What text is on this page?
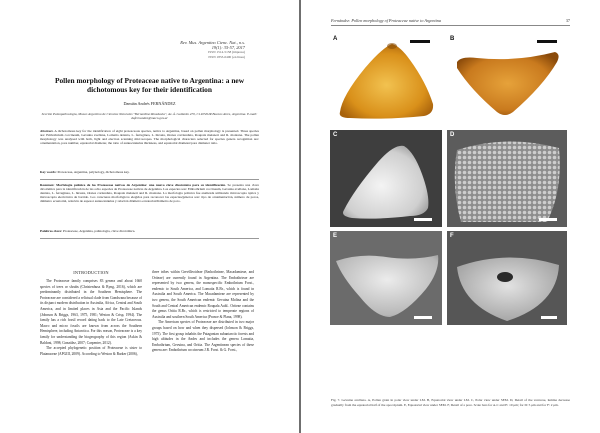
Rev. Mus. Argentino Cienc. Nat., n.s.
19(1): 35-57, 2017
ISSN 1514-5158 (impresa)
ISSN 1853-0400 (en línea)
Pollen morphology of Proteaceae native to Argentina: a new dichotomous key for their identification
Damián Andrés FERNÁNDEZ
Sección Paleopalinología, Museo Argentino de Ciencias Naturales "Bernardino Rivadavia", Av. Á. Gallardo 470, C1405DJR Buenos Aires, Argentina. E-mail: dafernandez@macn.gov.ar
Abstract. A dichotomous key for the identification of eight proteaceous species, native to Argentina, based on pollen morphology is presented. Three species are: Embothrium coccineum, Gevuina avellana, Lomatia dentata, L. ferruginea, L. hirsuta, Oreiea corrtunduta, Roupala meisneri and R. montana. The pollen morphology was analysed with both, light and electron scanning microscopes. The morphological characters selected for species genera recognition are: ornamentation, pore number, equatorial diameter, the ratio of aunus/annulus thickness, and equatorial diameter/pore diameter ratio.
Key words: Proteaceae, Argentina, palynology, dichotomous key.
Resumen: Morfología polínica de las Proteaceae nativas de Argentina: una nueva clave dicotómica para su identificación. Se presenta una clave dicotómica para la identificación de las ocho especies de Proteaceae nativas de Argentina. Las especies son: Embothrium coccineum, Gevuina avellana, Lomatia dentata, L. ferruginea, L. hirsuta, Oreiea cortunduta, Roupala meisneri and R. montana. La morfología polínica fue analizada utilizando microscopía óptica y microscopía electrónica de barrido. Los caracteres morfológicos elegidos para reconocer las especies/géneros son: tipo de ornamentación, número de poros, diámetro ecuatorial, relación de espesor aunus/annulus y relación diámetro ecuatorial/diámetro de poro.
Palabras clave: Proteaceae, Argentina, palinología, clave dicotómica.
INTRODUCTION

The Proteaceae family comprises 83 genera and about 1660 species of trees or shrubs (Christenhusz & Byng, 2016), which are predominantly distributed in the Southern Hemisphere. The Proteaceae are considered a relictual clade from Gondwana because of its disjunct modern distribution in Australia, Africa, Central and South America, and in limited places in Asia and the Pacific Islands (Johnson & Briggs, 1963, 1975, 1981; Weston & Crisp, 1994). The family has a rich fossil record dating back to the Late Cretaceous. Macro and micro fossils are known from across the Southern Hemisphere, including Antarctica. For this reason, Proteaceae is a key family for understanding the biogeography of this region (Askin & Baldoni, 1998; González, 2007; Carpenter, 2012).

The accepted phylogenetic position of Proteaceae is sister to Platanaceae (APGIII, 2009). According to Weston & Barker (2006),

three tribes within Grevilleoideae (Embothrieae, Macadamieae, and Oriteae) are currently found in Argentina. The Embothrieae are represented by two genera, the monospecific Embothrium Forst., endemic to South America, and Lomatia R.Br., which is found in Australia and South America. The Macadamieae are represented by two genera, the South American endemic Gevuina Molina and the South and Central American endemic Roupala Aubl.. Oriteae contains the genus Oritia R.Br., which is restricted to temperate regions of Australia and southern South America (Prance & Plana, 1998).

The American species of Proteaceae are distributed in two major groups based on how and when they dispersed (Johnson & Briggs, 1975). The first group inhabits the Patagonian subantarctic forests and high altitudes in the Andes and includes the genera Lomatia, Embothrium, Gevuina, and Oritia. The Argentinean species of these genera are: Embothrium coccineum J.R. Forst. & G. Forst.,

Fernández: Pollen morphology of Proteaceae native to Argentina	37
A	B
C	D
E	F
Fig. 7. Gevuina avellana. A, Pollen grain in polar view under LM. B, Equatorial view under LM. C, Polar view under SEM. D, Detail of the verrucae, lumina decrease gradually from the equatorial half of the apocolpium. E, Equatorial view under SEM. F, Detail of a pore. Scale bars for A-C and E: 10 μm; for D: 5 μm and for F: 2 μm.
